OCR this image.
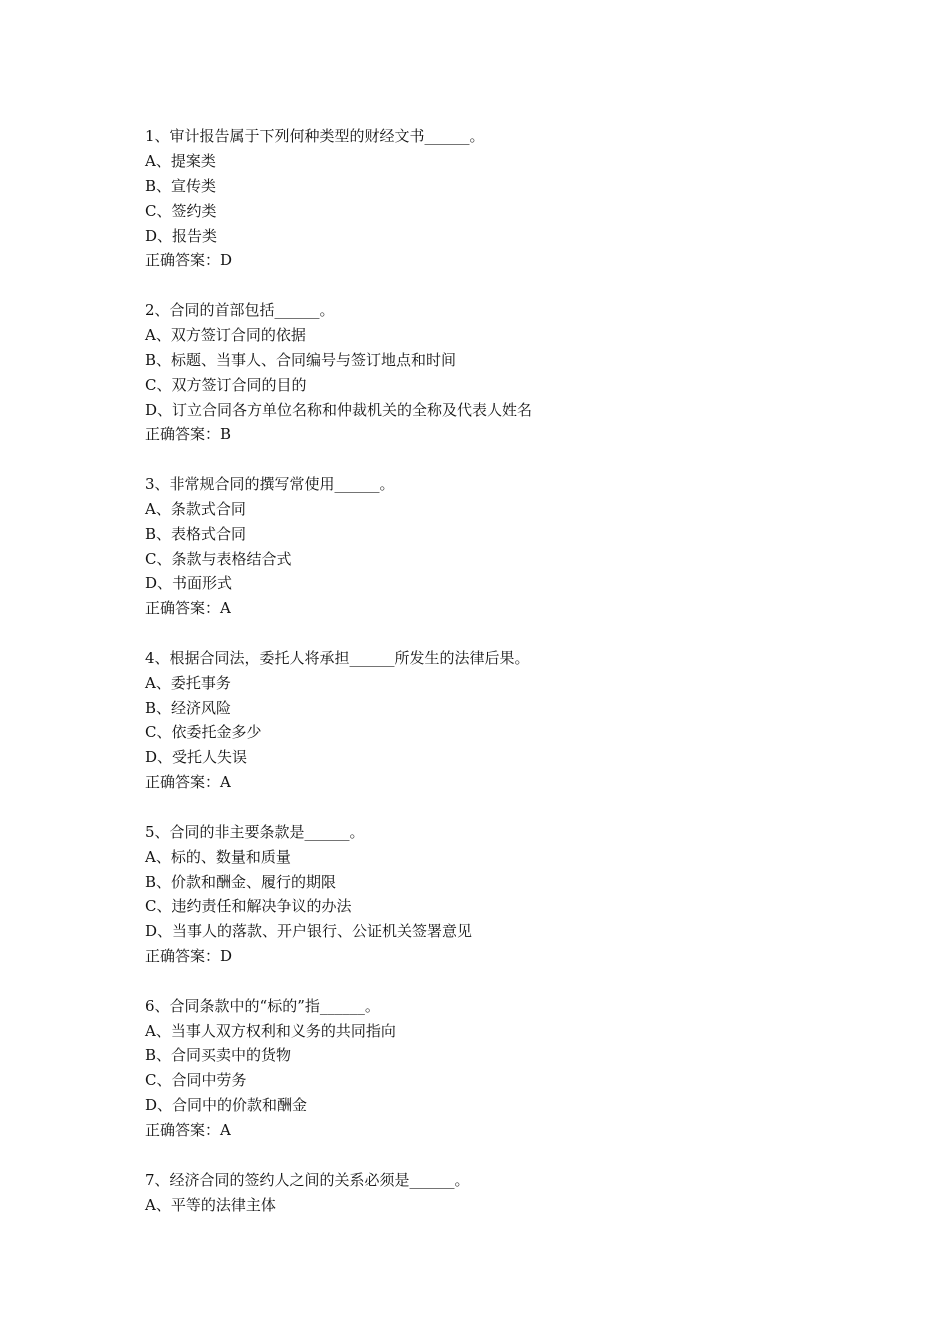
1、审计报告属于下列何种类型的财经文书______。
A、提案类
B、宣传类
C、签约类
D、报告类
正确答案：D
2、合同的首部包括______。
A、双方签订合同的依据
B、标题、当事人、合同编号与签订地点和时间
C、双方签订合同的目的
D、订立合同各方单位名称和仲裁机关的全称及代表人姓名
正确答案：B
3、非常规合同的撰写常使用______。
A、条款式合同
B、表格式合同
C、条款与表格结合式
D、书面形式
正确答案：A
4、根据合同法，委托人将承担______所发生的法律后果。
A、委托事务
B、经济风险
C、依委托金多少
D、受托人失误
正确答案：A
5、合同的非主要条款是______。
A、标的、数量和质量
B、价款和酬金、履行的期限
C、违约责任和解决争议的办法
D、当事人的落款、开户银行、公证机关签署意见
正确答案：D
6、合同条款中的“标的”指______。
A、当事人双方权利和义务的共同指向
B、合同买卖中的货物
C、合同中劳务
D、合同中的价款和酬金
正确答案：A
7、经济合同的签约人之间的关系必须是______。
A、平等的法律主体
